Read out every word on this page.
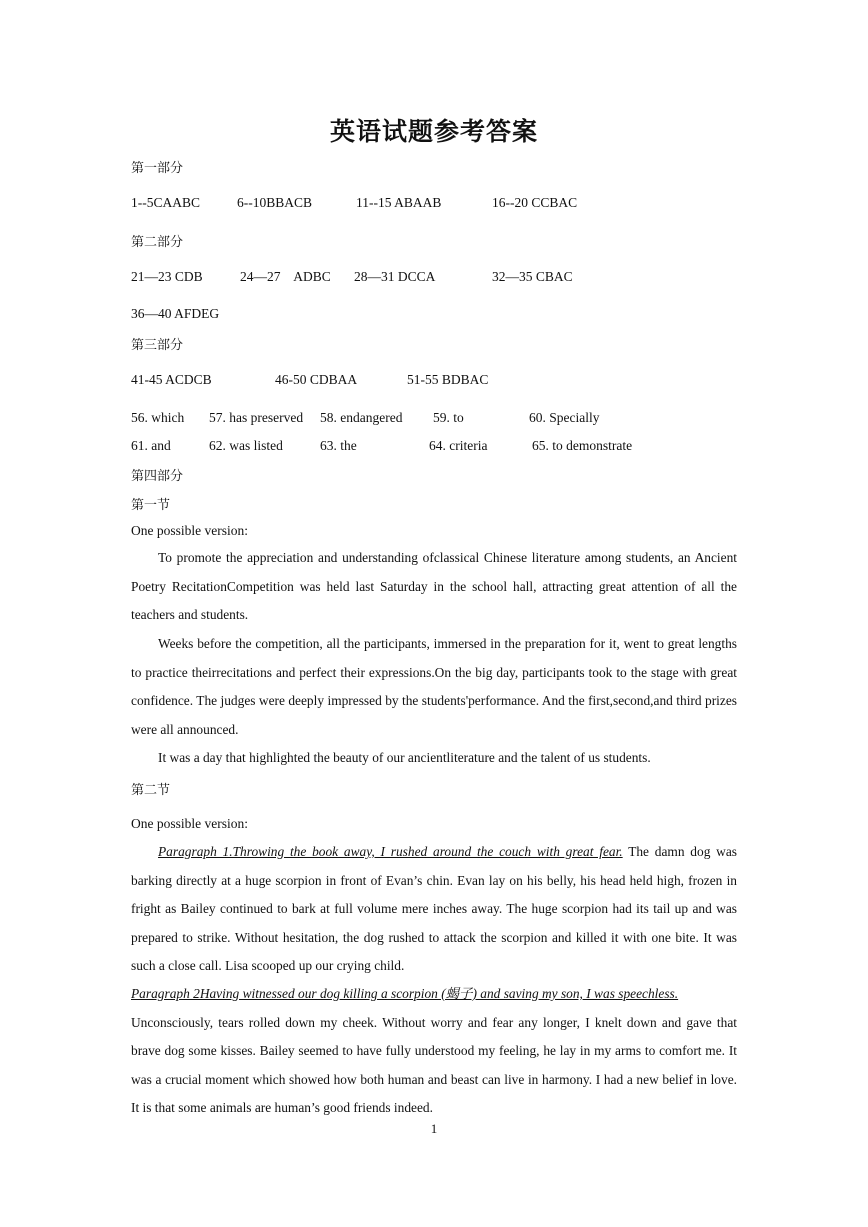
英语试题参考答案
第一部分
1--5CAABC	6--10BBACB	11--15 ABAAB	16--20 CCBAC
第二部分
21—23 CDB	24—27    ADBC 28—31 DCCA	32—35 CBAC
36—40 AFDEG
第三部分
41-45 ACDCB	46-50 CDBAA	51-55 BDBAC
56. which 57. has preserved 58. endangered 59. to	60. Specially
61. and	62. was listed	63. the	64. criteria	65. to demonstrate
第四部分
第一节
One possible version:
To promote the appreciation and understanding ofclassical Chinese literature among students, an Ancient Poetry RecitationCompetition was held last Saturday in the school hall, attracting great attention of all the teachers and students.
Weeks before the competition, all the participants, immersed in the preparation for it, went to great lengths to practice theirrecitations and perfect their expressions.On the big day, participants took to the stage with great confidence. The judges were deeply impressed by the students'performance. And the first,second,and third prizes were all announced.
It was a day that highlighted the beauty of our ancientliterature and the talent of us students.
第二节
One possible version:
Paragraph 1.Throwing the book away, I rushed around the couch with great fear. The damn dog was barking directly at a huge scorpion in front of Evan’s chin. Evan lay on his belly, his head held high, frozen in fright as Bailey continued to bark at full volume mere inches away. The huge scorpion had its tail up and was prepared to strike. Without hesitation, the dog rushed to attack the scorpion and killed it with one bite. It was such a close call. Lisa scooped up our crying child.
Paragraph 2Having witnessed our dog killing a scorpion (蝎子) and saving my son, I was speechless.
Unconsciously, tears rolled down my cheek. Without worry and fear any longer, I knelt down and gave that brave dog some kisses. Bailey seemed to have fully understood my feeling, he lay in my arms to comfort me. It was a crucial moment which showed how both human and beast can live in harmony. I had a new belief in love. It is that some animals are human’s good friends indeed.
1
